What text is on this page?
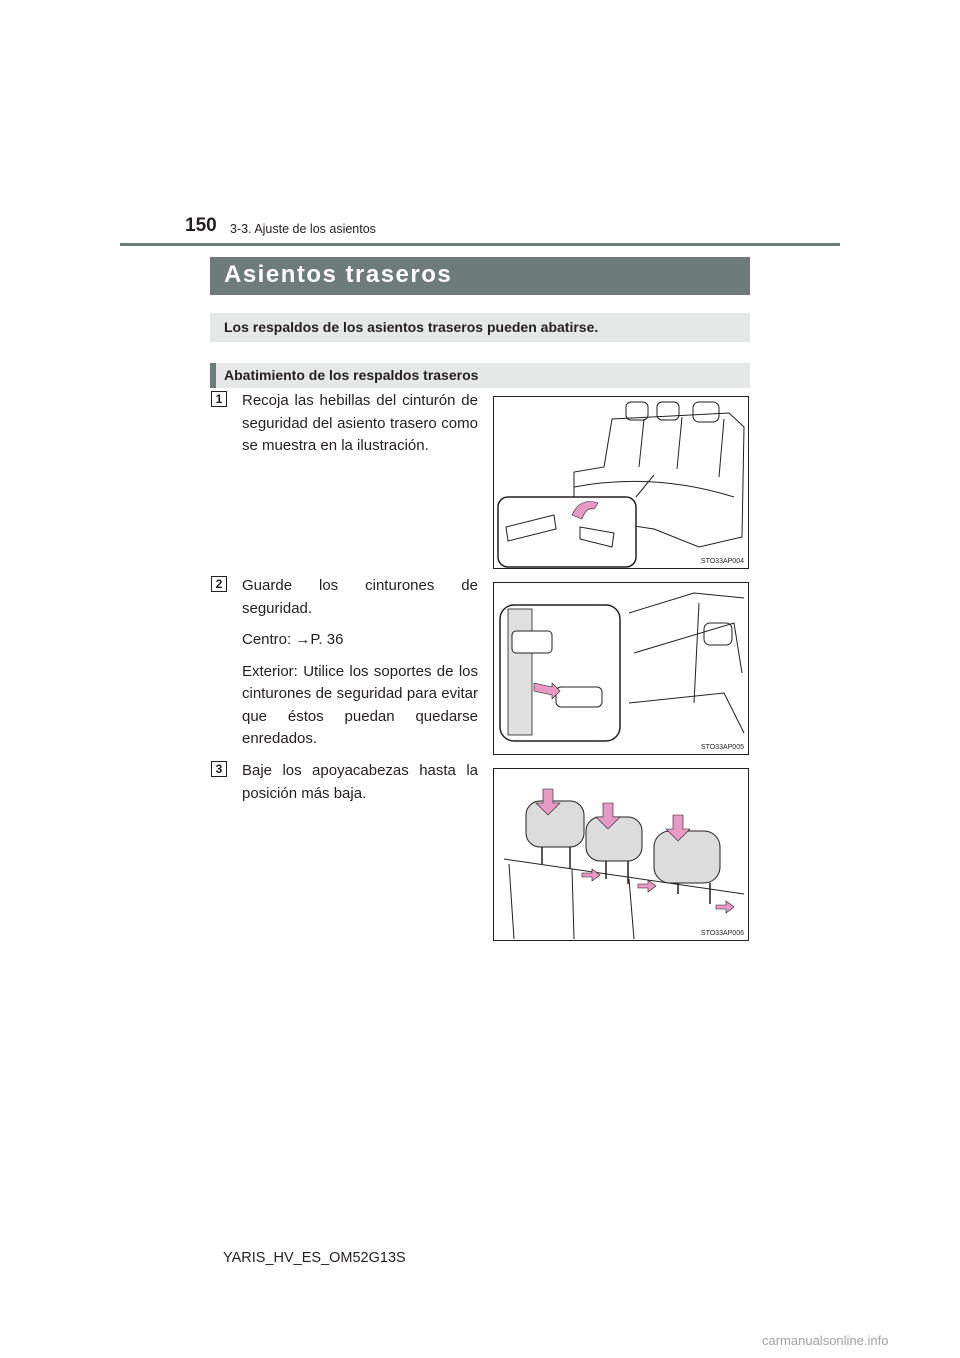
150 3-3. Ajuste de los asientos
Asientos traseros
Los respaldos de los asientos traseros pueden abatirse.
Abatimiento de los respaldos traseros
1	Recoja las hebillas del cinturón de seguridad del asiento trasero como se muestra en la ilustración.

STO33AP004
2	Guarde los cinturones de seguridad.

Centro: →P. 36

Exterior: Utilice los soportes de los cinturones de seguridad para evitar que éstos puedan quedarse enredados.

STO33AP005
3	Baje los apoyacabezas hasta la posición más baja.

STO33AP006
YARIS_HV_ES_OM52G13S
carmanualsonline.info
